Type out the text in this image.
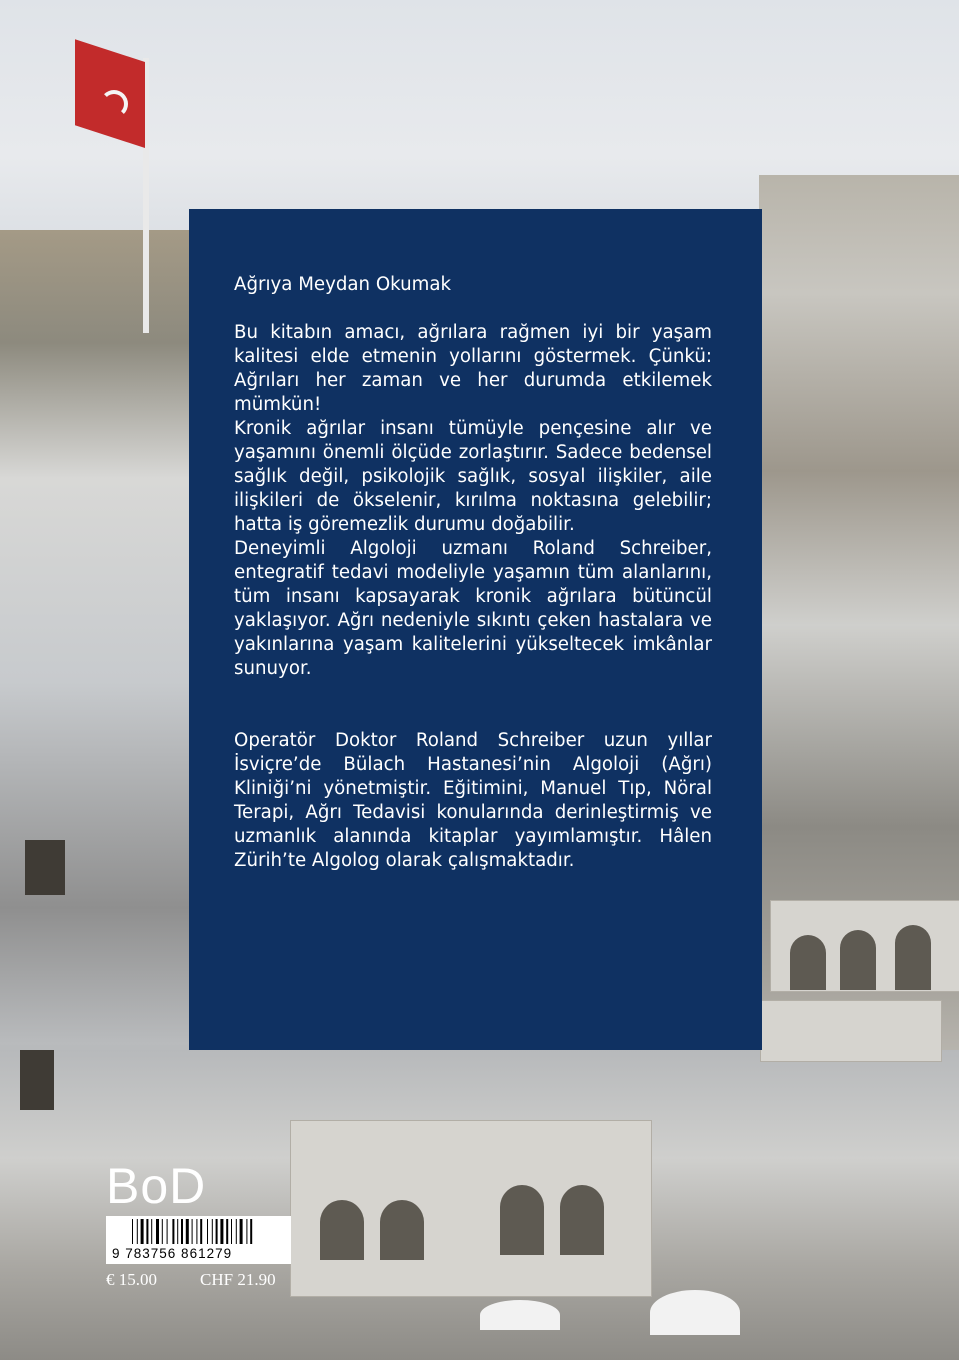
Ağrıya Meydan Okumak

Bu kitabın amacı, ağrılara rağmen iyi bir yaşam kalitesi elde etmenin yollarını göstermek. Çünkü: Ağrıları her zaman ve her durumda etkilemek mümkün!

Kronik ağrılar insanı tümüyle pençesine alır ve yaşamını önemli ölçüde zorlaştırır. Sadece bedensel sağlık değil, psikolojik sağlık, sosyal ilişkiler, aile ilişkileri de ökselenir, kırılma noktasına gelebilir; hatta iş göremezlik durumu doğabilir.

Deneyimli Algoloji uzmanı Roland Schreiber, entegratif tedavi modeliyle yaşamın tüm alanlarını, tüm insanı kapsayarak kronik ağrılara bütüncül yaklaşıyor. Ağrı nedeniyle sıkıntı çeken hastalara ve yakınlarına yaşam kalitelerini yükseltecek imkânlar sunuyor.

Operatör Doktor Roland Schreiber uzun yıllar İsviçre’de Bülach Hastanesi’nin Algoloji (Ağrı) Kliniği’ni yönetmiştir. Eğitimini, Manuel Tıp, Nöral Terapi, Ağrı Tedavisi konularında derinleştirmiş ve uzmanlık alanında kitaplar yayımlamıştır. Hâlen Zürih’te Algolog olarak çalışmaktadır.

BoD
9 783756 861279
€ 15.00	CHF 21.90
